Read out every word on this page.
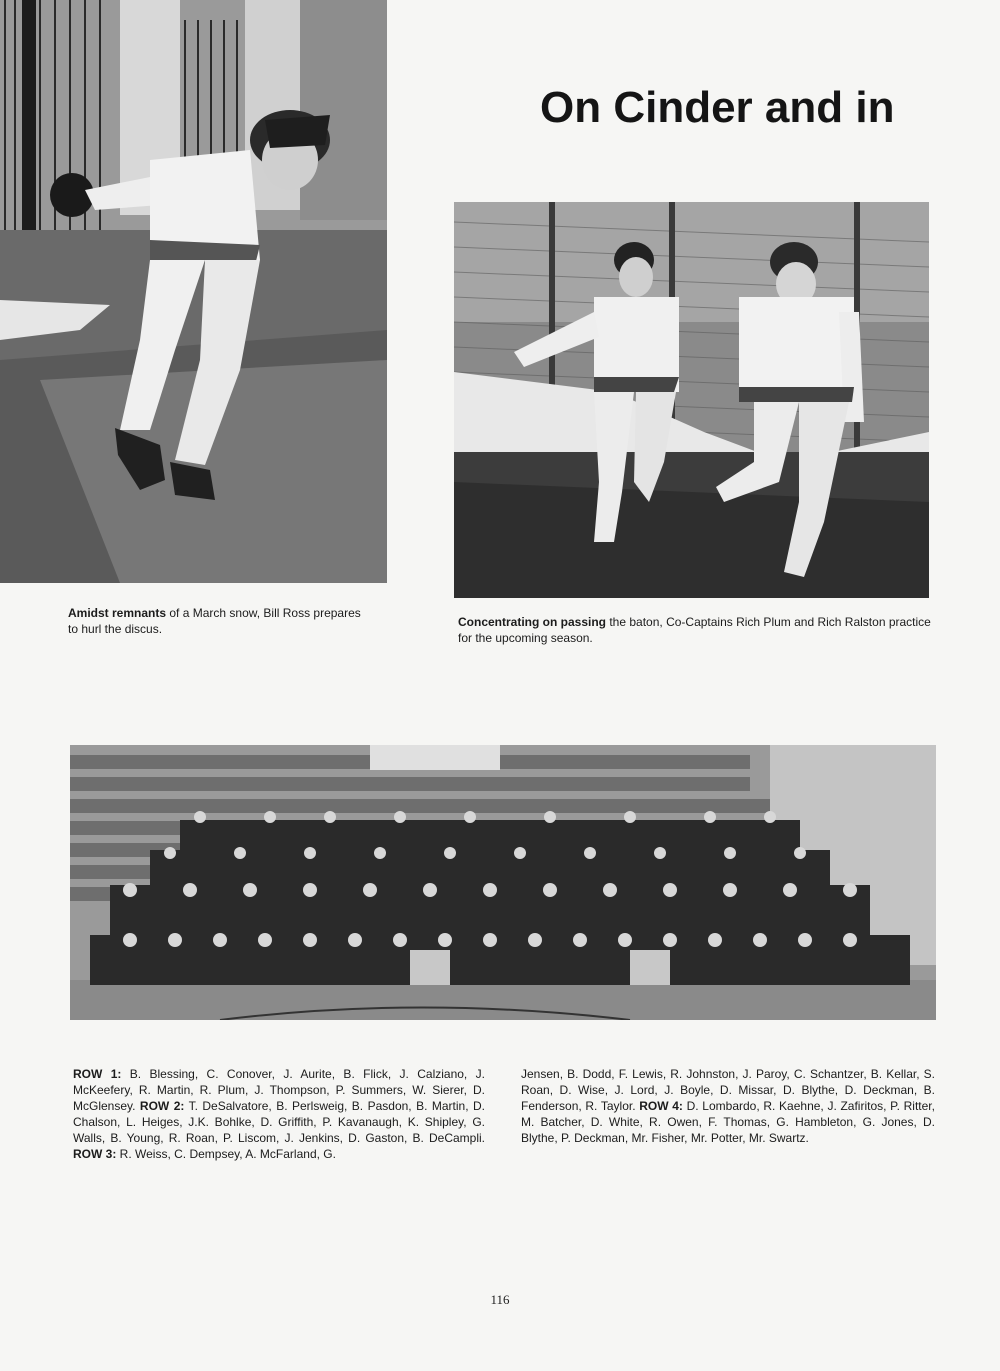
On Cinder and in
Amidst remnants of a March snow, Bill Ross prepares to hurl the discus.	Concentrating on passing the baton, Co-Captains Rich Plum and Rich Ralston practice for the upcoming season.
ROW 1: B. Blessing, C. Conover, J. Aurite, B. Flick, J. Calziano, J. McKeefery, R. Martin, R. Plum, J. Thompson, P. Summers, W. Sierer, D. McGlensey. ROW 2: T. DeSalvatore, B. Perlsweig, B. Pasdon, B. Martin, D. Chalson, L. Heiges, J.K. Bohlke, D. Griffith, P. Kavanaugh, K. Shipley, G. Walls, B. Young, R. Roan, P. Liscom, J. Jenkins, D. Gaston, B. DeCampli. ROW 3: R. Weiss, C. Dempsey, A. McFarland, G.
Jensen, B. Dodd, F. Lewis, R. Johnston, J. Paroy, C. Schantzer, B. Kellar, S. Roan, D. Wise, J. Lord, J. Boyle, D. Missar, D. Blythe, D. Deckman, B. Fenderson, R. Taylor. ROW 4: D. Lombardo, R. Kaehne, J. Zafiritos, P. Ritter, M. Batcher, D. White, R. Owen, F. Thomas, G. Hambleton, G. Jones, D. Blythe, P. Deckman, Mr. Fisher, Mr. Potter, Mr. Swartz.
116
